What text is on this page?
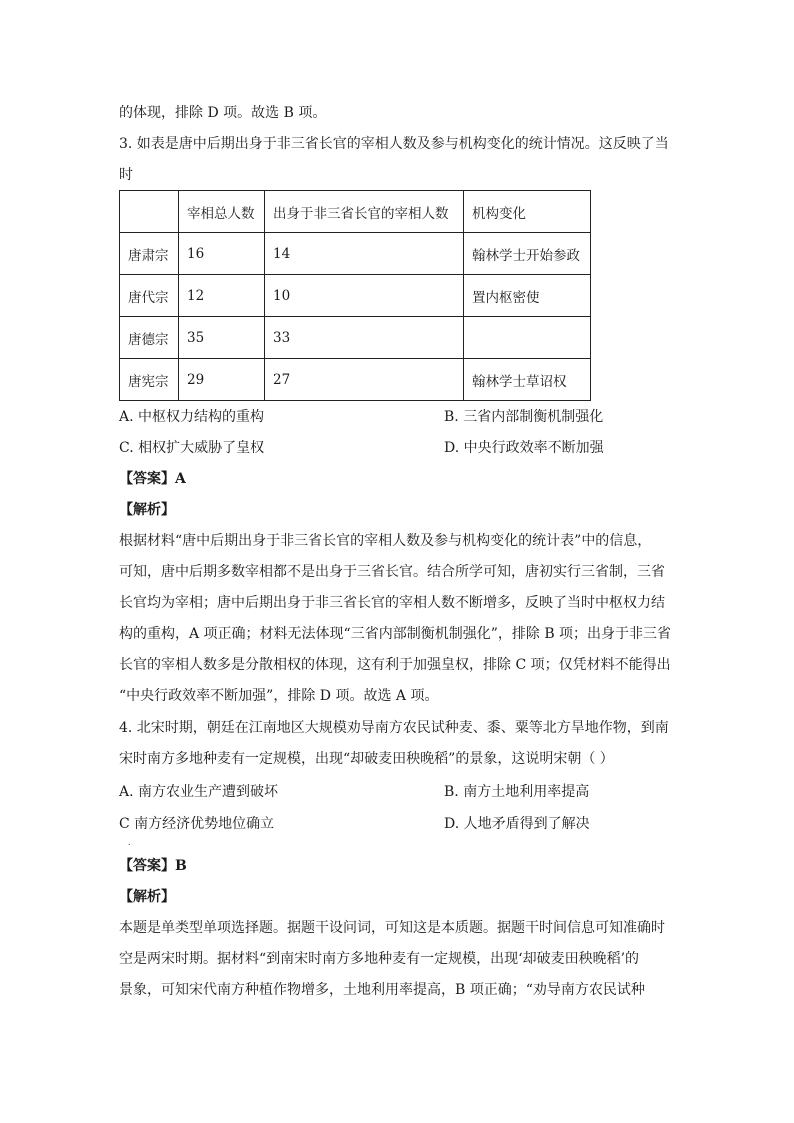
的体现，排除 D 项。故选 B 项。
3. 如表是唐中后期出身于非三省长官的宰相人数及参与机构变化的统计情况。这反映了当
时
	宰相总人数	出身于非三省长官的宰相人数	机构变化
唐肃宗	16	14	翰林学士开始参政
唐代宗	12	10	置内枢密使
唐德宗	35	33	
唐宪宗	29	27	翰林学士草诏权
A. 中枢权力结构的重构	B. 三省内部制衡机制强化
C. 相权扩大威胁了皇权	D. 中央行政效率不断加强
【答案】A
【解析】
根据材料“唐中后期出身于非三省长官的宰相人数及参与机构变化的统计表”中的信息，
可知，唐中后期多数宰相都不是出身于三省长官。结合所学可知，唐初实行三省制，三省
长官均为宰相；唐中后期出身于非三省长官的宰相人数不断增多，反映了当时中枢权力结
构的重构，A 项正确；材料无法体现“三省内部制衡机制强化”，排除 B 项；出身于非三省
长官的宰相人数多是分散相权的体现，这有利于加强皇权，排除 C 项；仅凭材料不能得出
“中央行政效率不断加强”，排除 D 项。故选 A 项。
4. 北宋时期，朝廷在江南地区大规模劝导南方农民试种麦、黍、粟等北方旱地作物，到南
宋时南方多地种麦有一定规模，出现“却破麦田秧晚稻”的景象，这说明宋朝（ ）
A. 南方农业生产遭到破坏	B. 南方土地利用率提高
C 南方经济优势地位确立	D. 人地矛盾得到了解决
.
【答案】B
【解析】
本题是单类型单项选择题。据题干设问词，可知这是本质题。据题干时间信息可知准确时
空是两宋时期。据材料“到南宋时南方多地种麦有一定规模，出现‘却破麦田秧晚稻’的
景象，可知宋代南方种植作物增多，土地利用率提高，B 项正确；“劝导南方农民试种
